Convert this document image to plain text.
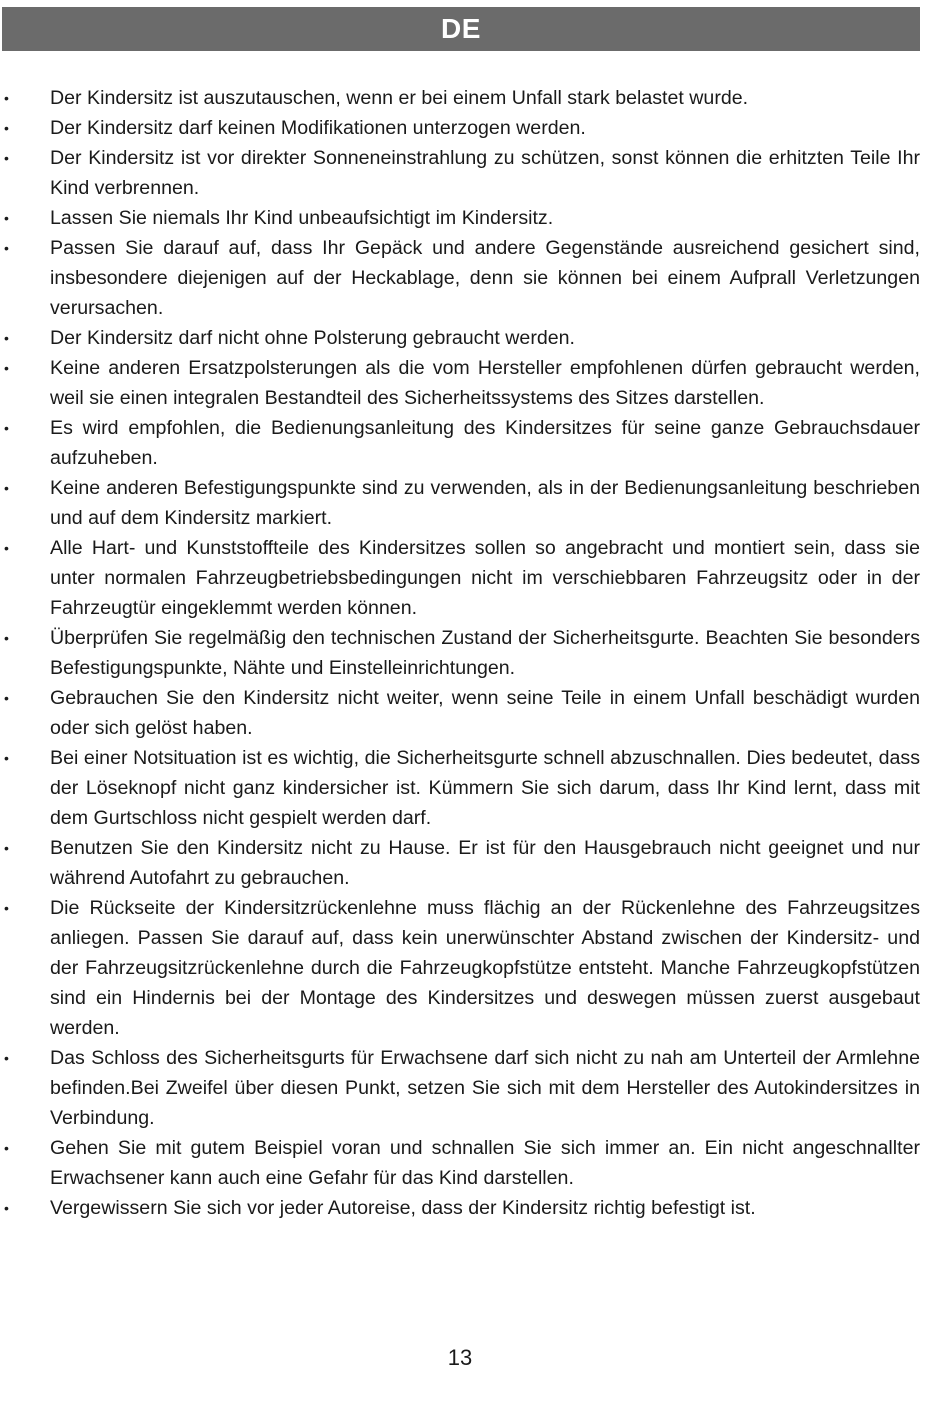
DE
• Der Kindersitz ist auszutauschen, wenn er bei einem Unfall stark belastet wurde.
• Der Kindersitz darf keinen Modifikationen unterzogen werden.
• Der Kindersitz ist vor direkter Sonneneinstrahlung zu schützen, sonst können die erhitzten Teile Ihr Kind verbrennen.
• Lassen Sie niemals Ihr Kind unbeaufsichtigt im Kindersitz.
• Passen Sie darauf auf, dass Ihr Gepäck und andere Gegenstände ausreichend gesichert sind, insbesondere diejenigen auf der Heckablage, denn sie können bei einem Aufprall Verletzungen verursachen.
• Der Kindersitz darf nicht ohne Polsterung gebraucht werden.
• Keine anderen Ersatzpolsterungen als die vom Hersteller empfohlenen dürfen gebraucht werden, weil sie einen integralen Bestandteil des Sicherheitssystems des Sitzes darstellen.
• Es wird empfohlen, die Bedienungsanleitung des Kindersitzes für seine ganze Gebrauchsdauer aufzuheben.
• Keine anderen Befestigungspunkte sind zu verwenden, als in der Bedienungsanleitung beschrieben und auf dem Kindersitz markiert.
• Alle Hart- und Kunststoffteile des Kindersitzes sollen so angebracht und montiert sein, dass sie unter normalen Fahrzeugbetriebsbedingungen nicht im verschiebbaren Fahrzeugsitz oder in der Fahrzeugtür eingeklemmt werden können.
• Überprüfen Sie regelmäßig den technischen Zustand der Sicherheitsgurte. Beachten Sie besonders Befestigungspunkte, Nähte und Einstelleinrichtungen.
• Gebrauchen Sie den Kindersitz nicht weiter, wenn seine Teile in einem Unfall beschädigt wurden oder sich gelöst haben.
• Bei einer Notsituation ist es wichtig, die Sicherheitsgurte schnell abzuschnallen. Dies bedeutet, dass der Löseknopf nicht ganz kindersicher ist. Kümmern Sie sich darum, dass Ihr Kind lernt, dass mit dem Gurtschloss nicht gespielt werden darf.
• Benutzen Sie den Kindersitz nicht zu Hause. Er ist für den Hausgebrauch nicht geeignet und nur während Autofahrt zu gebrauchen.
• Die Rückseite der Kindersitzrückenlehne muss flächig an der Rückenlehne des Fahrzeugsitzes anliegen. Passen Sie darauf auf, dass kein unerwünschter Abstand zwischen der Kindersitz- und der Fahrzeugsitzrückenlehne durch die Fahrzeugkopfstütze entsteht. Manche Fahrzeugkopfstützen sind ein Hindernis bei der Montage des Kindersitzes und deswegen müssen zuerst ausgebaut werden.
• Das Schloss des Sicherheitsgurts für Erwachsene darf sich nicht zu nah am Unterteil der Armlehne befinden.Bei Zweifel über diesen Punkt, setzen Sie sich mit dem Hersteller des Autokindersitzes in Verbindung.
• Gehen Sie mit gutem Beispiel voran und schnallen Sie sich immer an. Ein nicht angeschnallter Erwachsener kann auch eine Gefahr für das Kind darstellen.
• Vergewissern Sie sich vor jeder Autoreise, dass der Kindersitz richtig befestigt ist.
13
